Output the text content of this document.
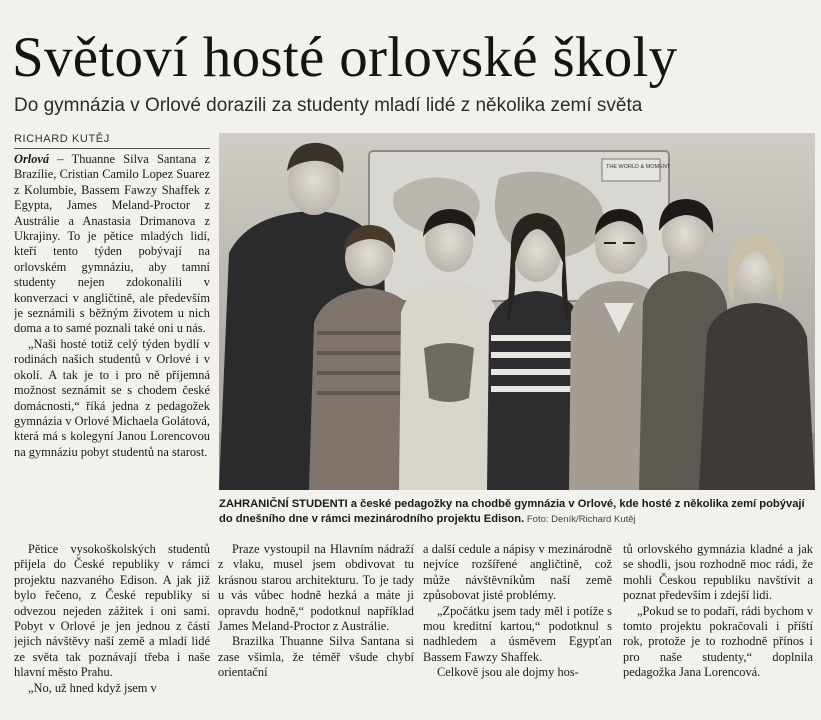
Světoví hosté orlovské školy
Do gymnázia v Orlové dorazili za studenty mladí lidé z několika zemí světa
RICHARD KUTĚJ

Orlová – Thuanne Silva Santana z Brazílie, Cristian Camilo Lopez Suarez z Kolumbie, Bassem Fawzy Shaffek z Egypta, James Meland-Proctor z Austrálie a Anastasia Drimanova z Ukrajiny. To je pětice mladých lidí, kteří tento týden pobývají na orlovském gymnáziu, aby tamní studenty nejen zdokonalili v konverzaci v angličtině, ale především je seznámili s běžným životem u nich doma a to samé poznali také oni u nás.

„Naši hosté totiž celý týden bydlí v rodinách našich studentů v Orlové i v okolí. A tak je to i pro ně příjemná možnost seznámit se s chodem české domácnosti,“ říká jedna z pedagožek gymnázia v Orlové Michaela Golátová, která má s kolegyní Janou Lorencovou na gymnáziu pobyt studentů na starost.

Pětice vysokoškolských studentů přijela do České republiky v rámci projektu nazvaného Edison. A jak již bylo řečeno, z České republiky si odvezou nejeden zážitek i oni sami. Pobyt v Orlové je jen jednou z částí jejich návštěvy naší země a mladí lidé ze světa tak poznávají třeba i naše hlavní město Prahu.

„No, už hned když jsem v

Praze vystoupil na Hlavním nádraží z vlaku, musel jsem obdivovat tu krásnou starou architekturu. To je tady u vás vůbec hodně hezká a máte ji opravdu hodně,“ podotknul například James Meland-Proctor z Austrálie.

Brazilka Thuanne Silva Santana si zase všimla, že téměř všude chybí orientační

a další cedule a nápisy v mezinárodně nejvíce rozšířené angličtině, což může návštěvníkům naší země způsobovat jisté problémy.

„Zpočátku jsem tady měl i potíže s mou kreditní kartou,“ podotknul s nadhledem a úsměvem Egypťan Bassem Fawzy Shaffek.

Celkově jsou ale dojmy hos-

tů orlovského gymnázia kladné a jak se shodli, jsou rozhodně moc rádi, že mohli Českou republiku navštívit a poznat především i zdejší lidi.

„Pokud se to podaří, rádi bychom v tomto projektu pokračovali i příští rok, protože je to rozhodně přínos i pro naše studenty,“ doplnila pedagožka Jana Lorencová.

THE WORLD & MOMENT
ZAHRANIČNÍ STUDENTI a české pedagožky na chodbě gymnázia v Orlové, kde hosté z několika zemí pobývají do dnešního dne v rámci mezinárodního projektu Edison. Foto: Deník/Richard Kutěj
